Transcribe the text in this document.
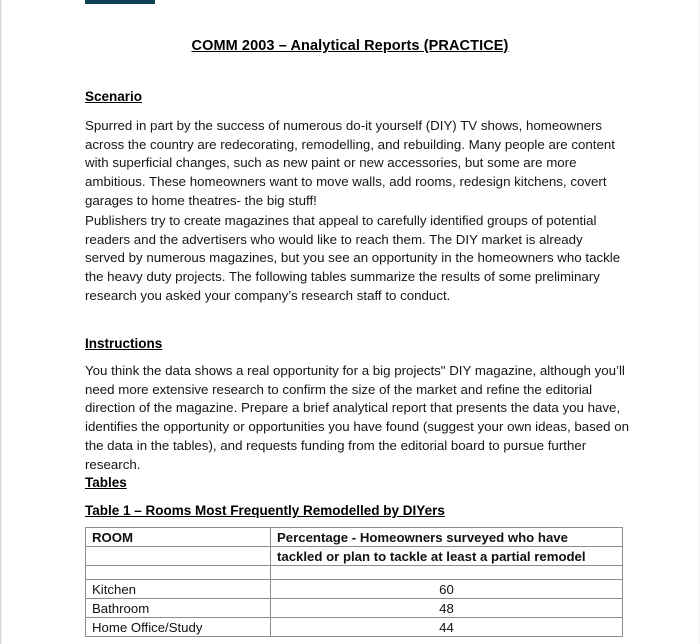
COMM 2003 – Analytical Reports (PRACTICE)
Scenario

Spurred in part by the success of numerous do-it yourself (DIY) TV shows, homeowners across the country are redecorating, remodelling, and rebuilding. Many people are content with superficial changes, such as new paint or new accessories, but some are more ambitious. These homeowners want to move walls, add rooms, redesign kitchens, covert garages to home theatres- the big stuff!

Publishers try to create magazines that appeal to carefully identified groups of potential readers and the advertisers who would like to reach them. The DIY market is already served by numerous magazines, but you see an opportunity in the homeowners who tackle the heavy duty projects. The following tables summarize the results of some preliminary research you asked your company’s research staff to conduct.

Instructions

You think the data shows a real opportunity for a big projects" DIY magazine, although you’ll need more extensive research to confirm the size of the market and refine the editorial direction of the magazine. Prepare a brief analytical report that presents the data you have, identifies the opportunity or opportunities you have found (suggest your own ideas, based on the data in the tables), and requests funding from the editorial board to pursue further research.

Tables
Table 1 – Rooms Most Frequently Remodelled by DIYers
ROOM	Percentage - Homeowners surveyed who have
	tackled or plan to tackle at least a partial remodel

Kitchen	60
Bathroom	48
Home Office/Study	44
